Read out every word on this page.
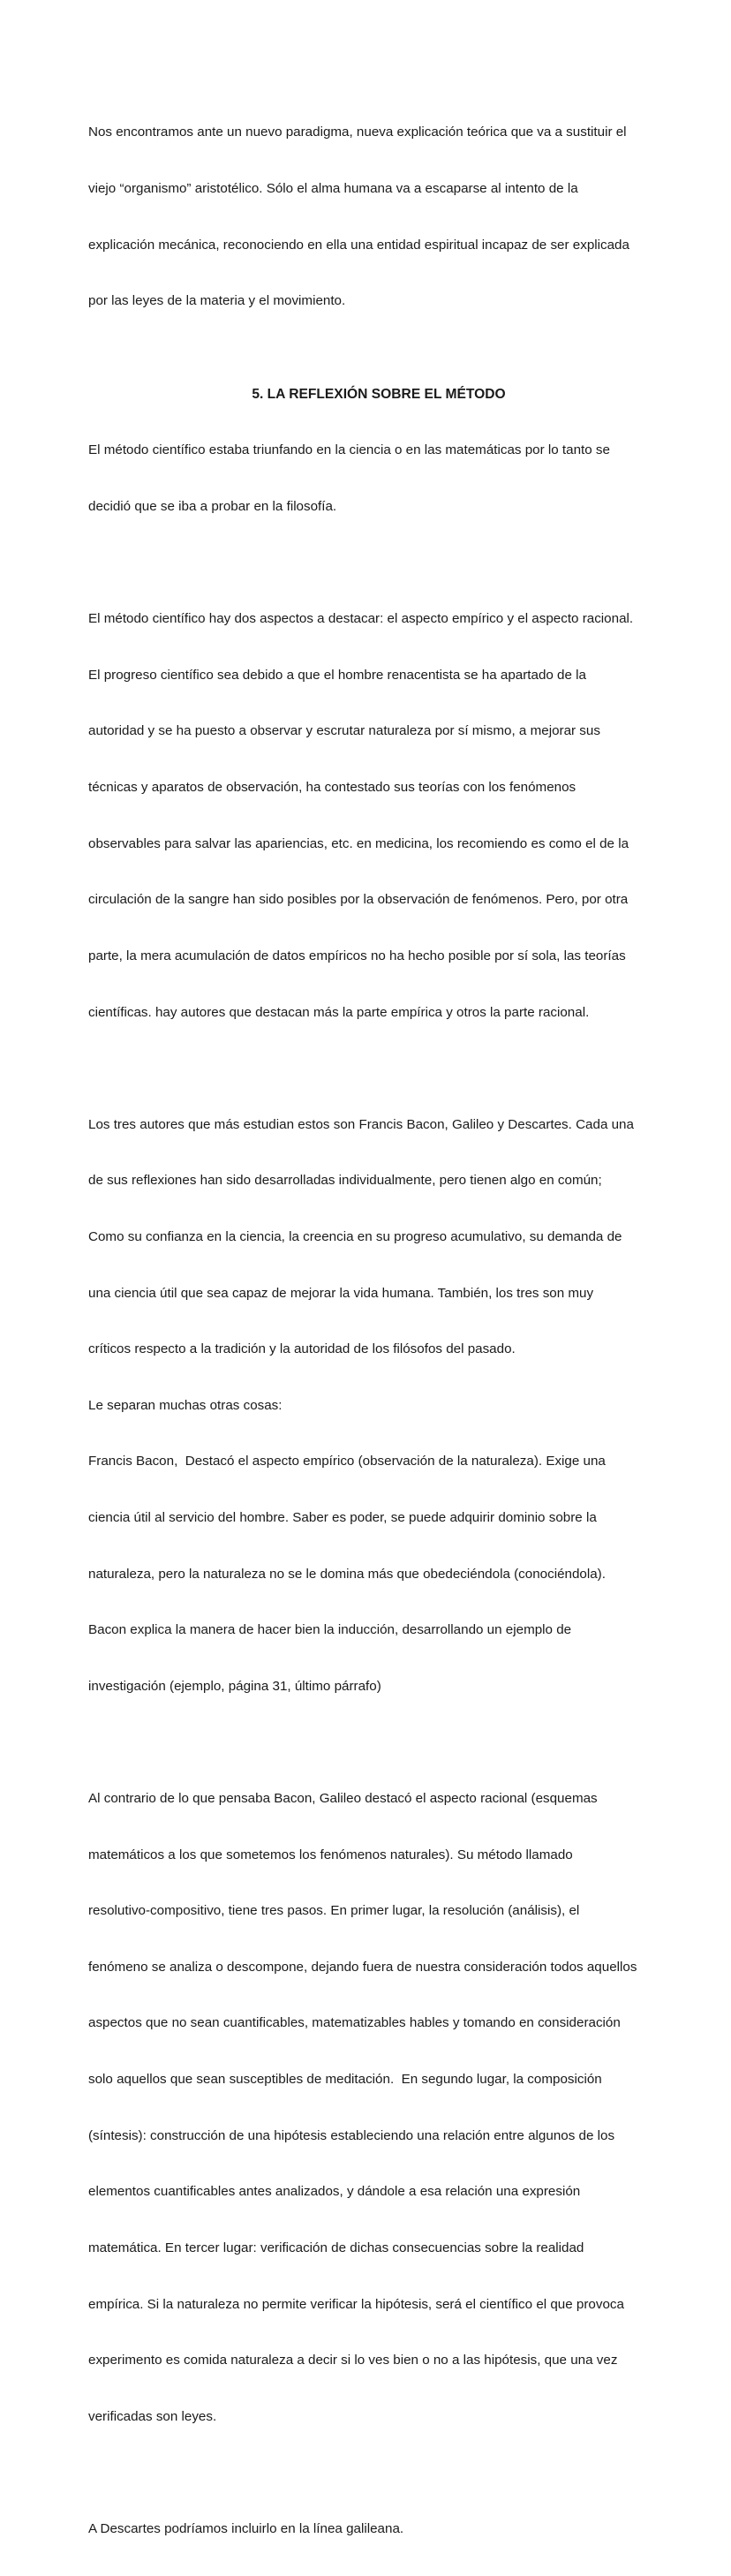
Nos encontramos ante un nuevo paradigma, nueva explicación teórica que va a sustituir el

viejo “organismo” aristotélico. Sólo el alma humana va a escaparse al intento de la

explicación mecánica, reconociendo en ella una entidad espiritual incapaz de ser explicada

por las leyes de la materia y el movimiento.

5. LA REFLEXIÓN SOBRE EL MÉTODO

El método científico estaba triunfando en la ciencia o en las matemáticas por lo tanto se

decidió que se iba a probar en la filosofía.

El método científico hay dos aspectos a destacar: el aspecto empírico y el aspecto racional.

El progreso científico sea debido a que el hombre renacentista se ha apartado de la

autoridad y se ha puesto a observar y escrutar naturaleza por sí mismo, a mejorar sus

técnicas y aparatos de observación, ha contestado sus teorías con los fenómenos

observables para salvar las apariencias, etc. en medicina, los recomiendo es como el de la

circulación de la sangre han sido posibles por la observación de fenómenos. Pero, por otra

parte, la mera acumulación de datos empíricos no ha hecho posible por sí sola, las teorías

científicas. hay autores que destacan más la parte empírica y otros la parte racional.

Los tres autores que más estudian estos son Francis Bacon, Galileo y Descartes. Cada una

de sus reflexiones han sido desarrolladas individualmente, pero tienen algo en común;

Como su confianza en la ciencia, la creencia en su progreso acumulativo, su demanda de

una ciencia útil que sea capaz de mejorar la vida humana. También, los tres son muy

críticos respecto a la tradición y la autoridad de los filósofos del pasado.

Le separan muchas otras cosas:

Francis Bacon,  Destacó el aspecto empírico (observación de la naturaleza). Exige una

ciencia útil al servicio del hombre. Saber es poder, se puede adquirir dominio sobre la

naturaleza, pero la naturaleza no se le domina más que obedeciéndola (conociéndola).

Bacon explica la manera de hacer bien la inducción, desarrollando un ejemplo de

investigación (ejemplo, página 31, último párrafo)

Al contrario de lo que pensaba Bacon, Galileo destacó el aspecto racional (esquemas

matemáticos a los que sometemos los fenómenos naturales). Su método llamado

resolutivo-compositivo, tiene tres pasos. En primer lugar, la resolución (análisis), el

fenómeno se analiza o descompone, dejando fuera de nuestra consideración todos aquellos

aspectos que no sean cuantificables, matematizables hables y tomando en consideración

solo aquellos que sean susceptibles de meditación.  En segundo lugar, la composición

(síntesis): construcción de una hipótesis estableciendo una relación entre algunos de los

elementos cuantificables antes analizados, y dándole a esa relación una expresión

matemática. En tercer lugar: verificación de dichas consecuencias sobre la realidad

empírica. Si la naturaleza no permite verificar la hipótesis, será el científico el que provoca

experimento es comida naturaleza a decir si lo ves bien o no a las hipótesis, que una vez

verificadas son leyes.

A Descartes podríamos incluirlo en la línea galileana.
